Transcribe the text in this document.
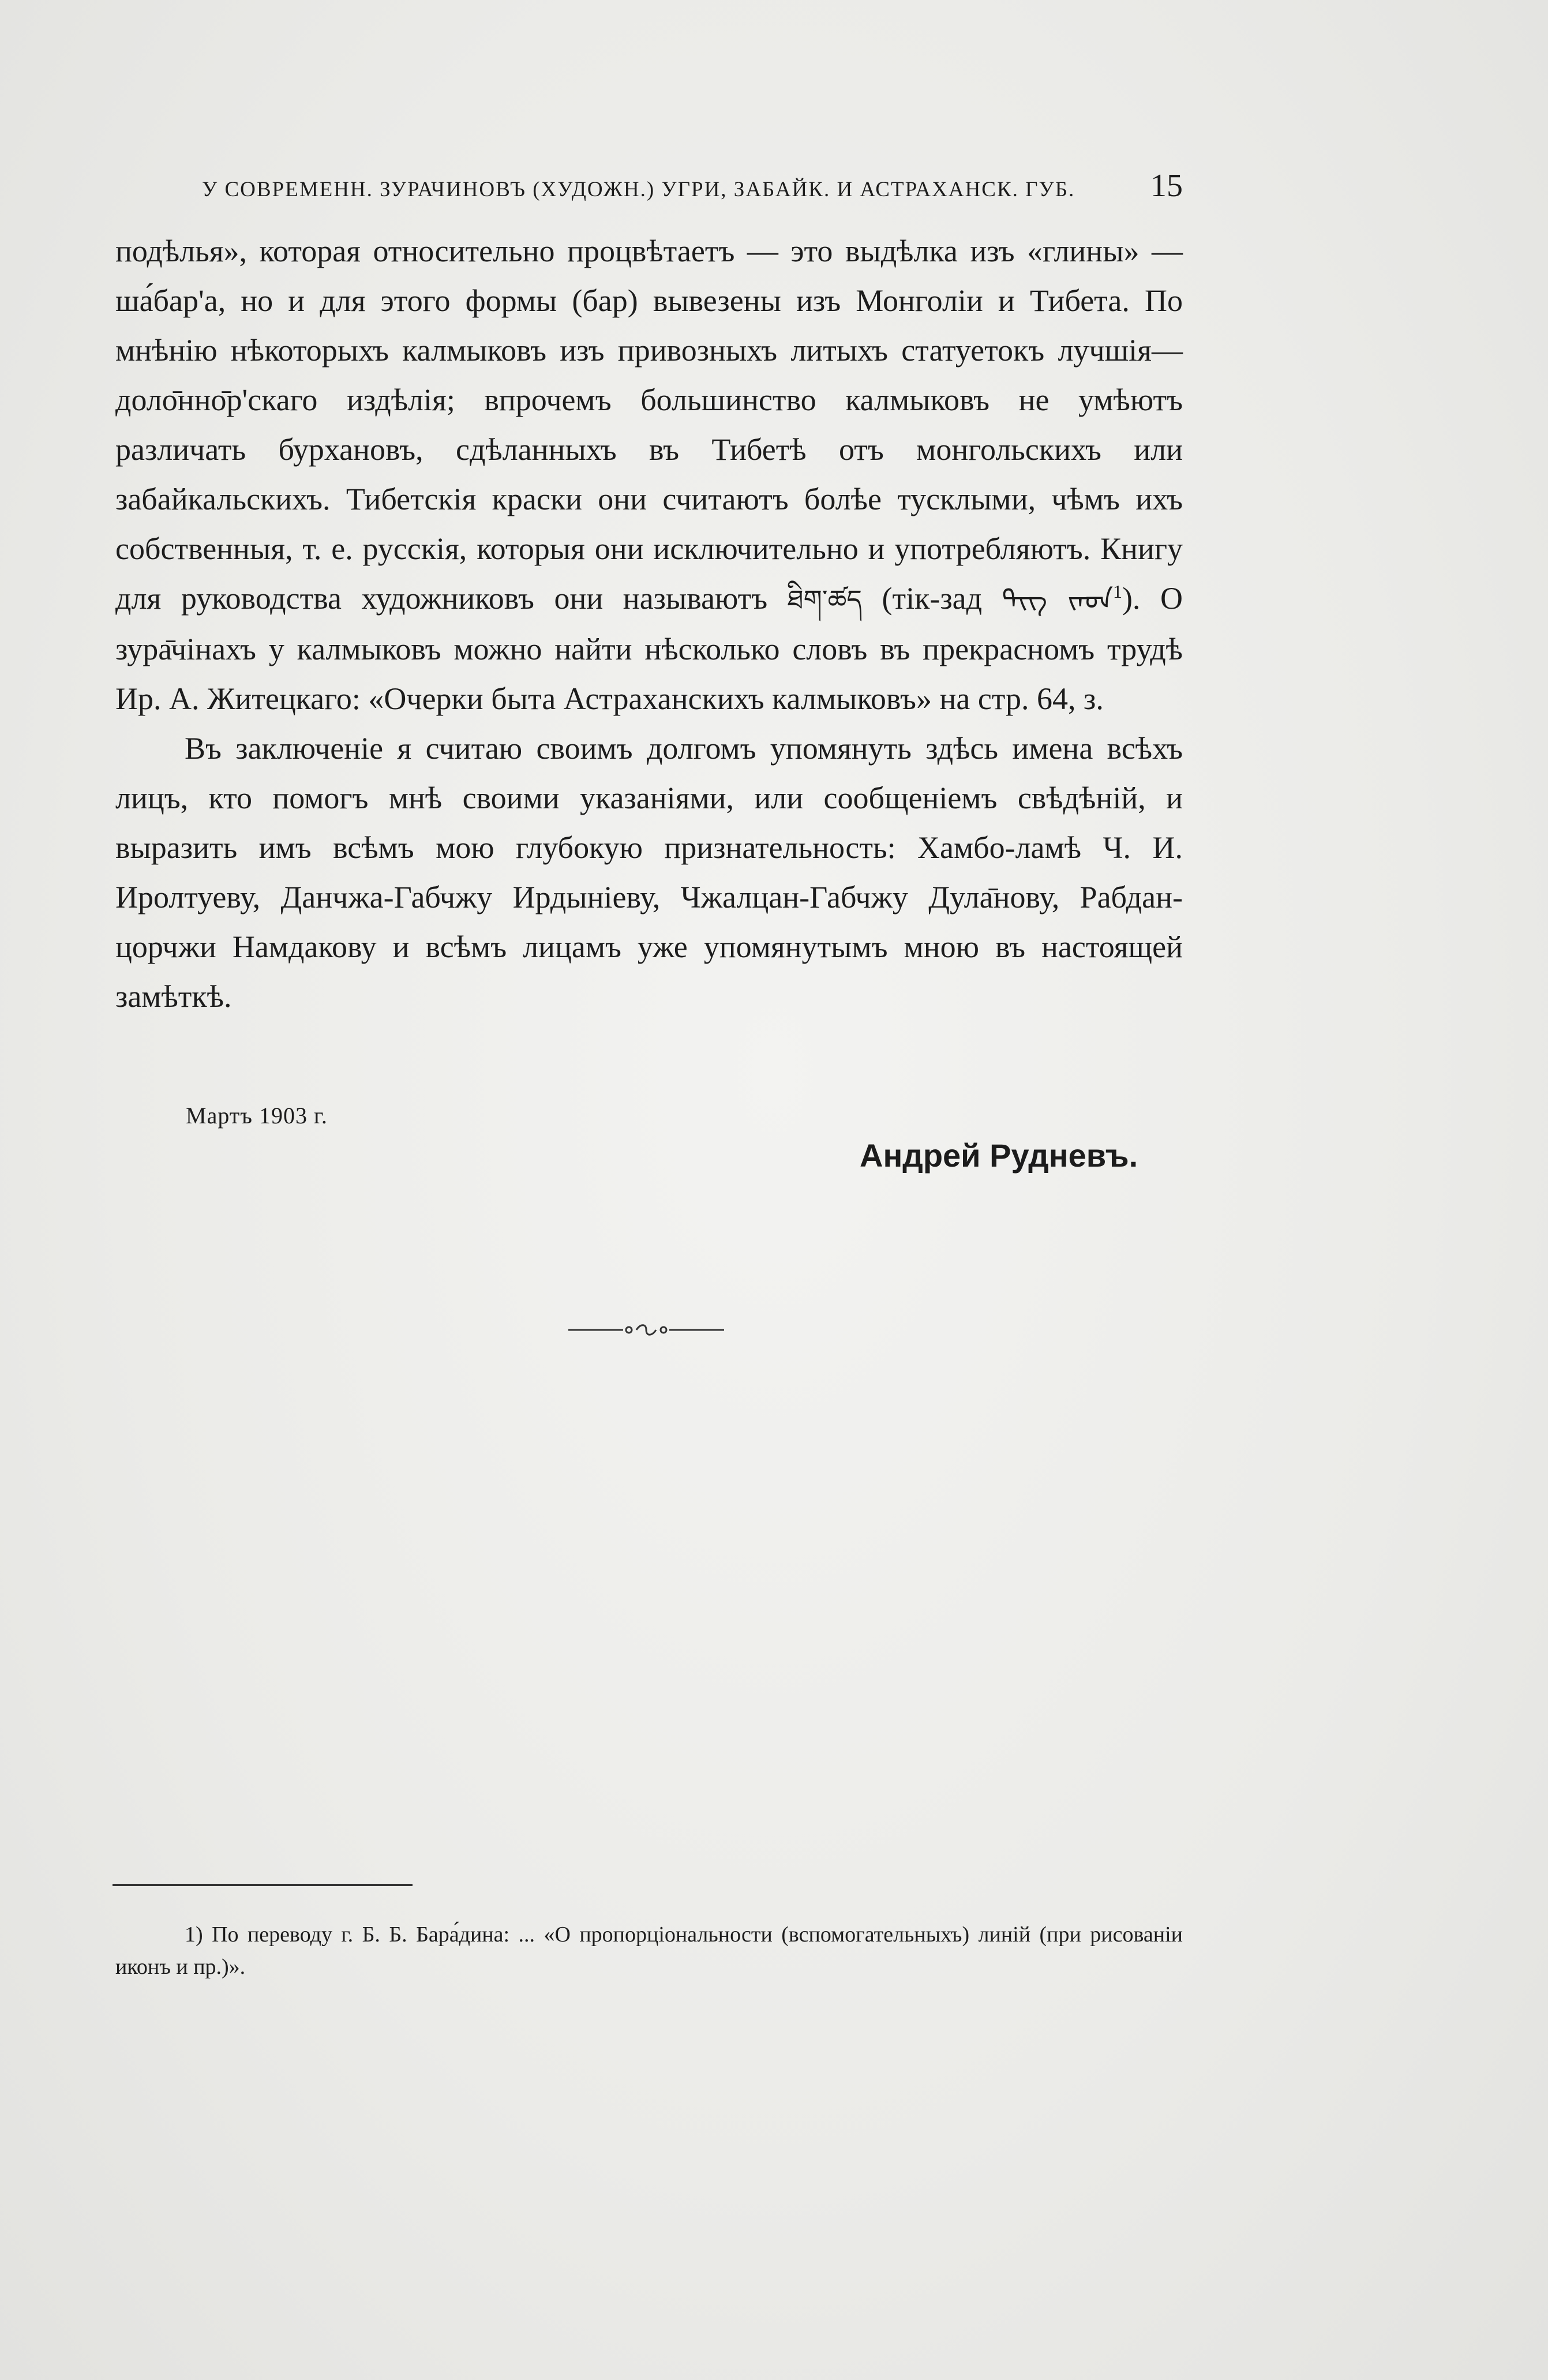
У СОВРЕМЕНН. ЗУРАЧИНОВЪ (ХУДОЖН.) УГРИ, ЗАБАЙК. И АСТРАХАНСК. ГУБ. 15

подѣлья», которая относительно процвѣтаетъ — это выдѣлка изъ «глины» — ша́бар'а, но и для этого формы (бар) вывезены изъ Монголіи и Тибета. По мнѣнію нѣкоторыхъ калмыковъ изъ привозныхъ литыхъ статуетокъ лучшія—доло̄нно̄р'скаго издѣлія; впрочемъ большинство калмыковъ не умѣютъ различать бурхановъ, сдѣланныхъ въ Тибетѣ отъ монгольскихъ или забайкальскихъ. Тибетскія краски они считаютъ болѣе тусклыми, чѣмъ ихъ собственныя, т. е. русскія, которыя они исключительно и употребляютъ. Книгу для руководства художниковъ они называютъ ཐིག་ཚད (тік-зад ᠲᠢᠭ ᠵᠠᠳ$^1$). О зура̄чінахъ у калмыковъ можно найти нѣсколько словъ въ прекрасномъ трудѣ Ир. А. Житецкаго: «Очерки быта Астраханскихъ калмыковъ» на стр. 64, з.

Въ заключеніе я считаю своимъ долгомъ упомянуть здѣсь имена всѣхъ лицъ, кто помогъ мнѣ своими указаніями, или сообщеніемъ свѣдѣній, и выразить имъ всѣмъ мою глубокую признательность: Хамбо-ламѣ Ч. И. Иролтуеву, Данчжа-Габчжу Ирдыніеву, Чжалцан-Габчжу Дула̄нову, Рабдан-цорчжи Намдакову и всѣмъ лицамъ уже упомянутымъ мною въ настоящей замѣткѣ.

Мартъ 1903 г.
Андрей Рудневъ.

1) По переводу г. Б. Б. Бара́дина: ... «О пропорціональности (вспомогательныхъ) линій (при рисованіи иконъ и пр.)».
